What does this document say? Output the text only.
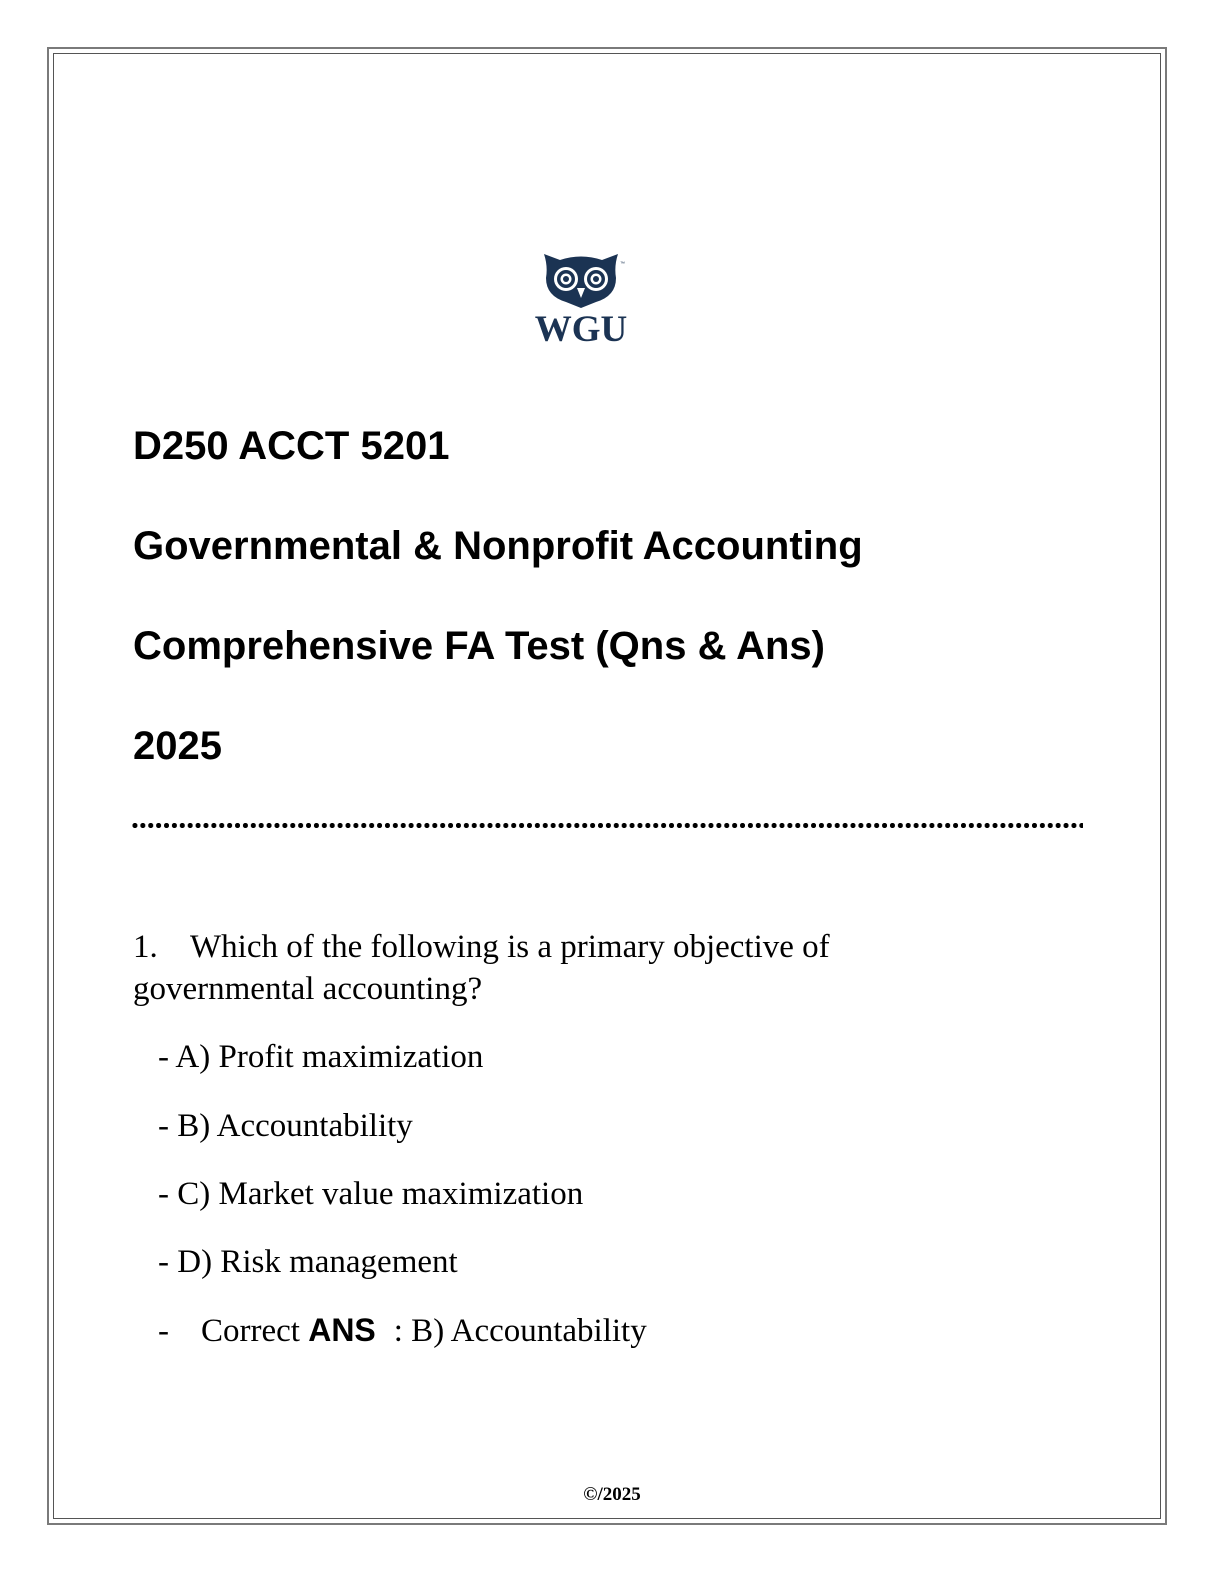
™
WGU
D250 ACCT 5201
Governmental & Nonprofit Accounting
Comprehensive FA Test (Qns & Ans)
2025
1. Which of the following is a primary objective of governmental accounting?
- A) Profit maximization
- B) Accountability
- C) Market value maximization
- D) Risk management
- Correct ANS : B) Accountability
©/2025
